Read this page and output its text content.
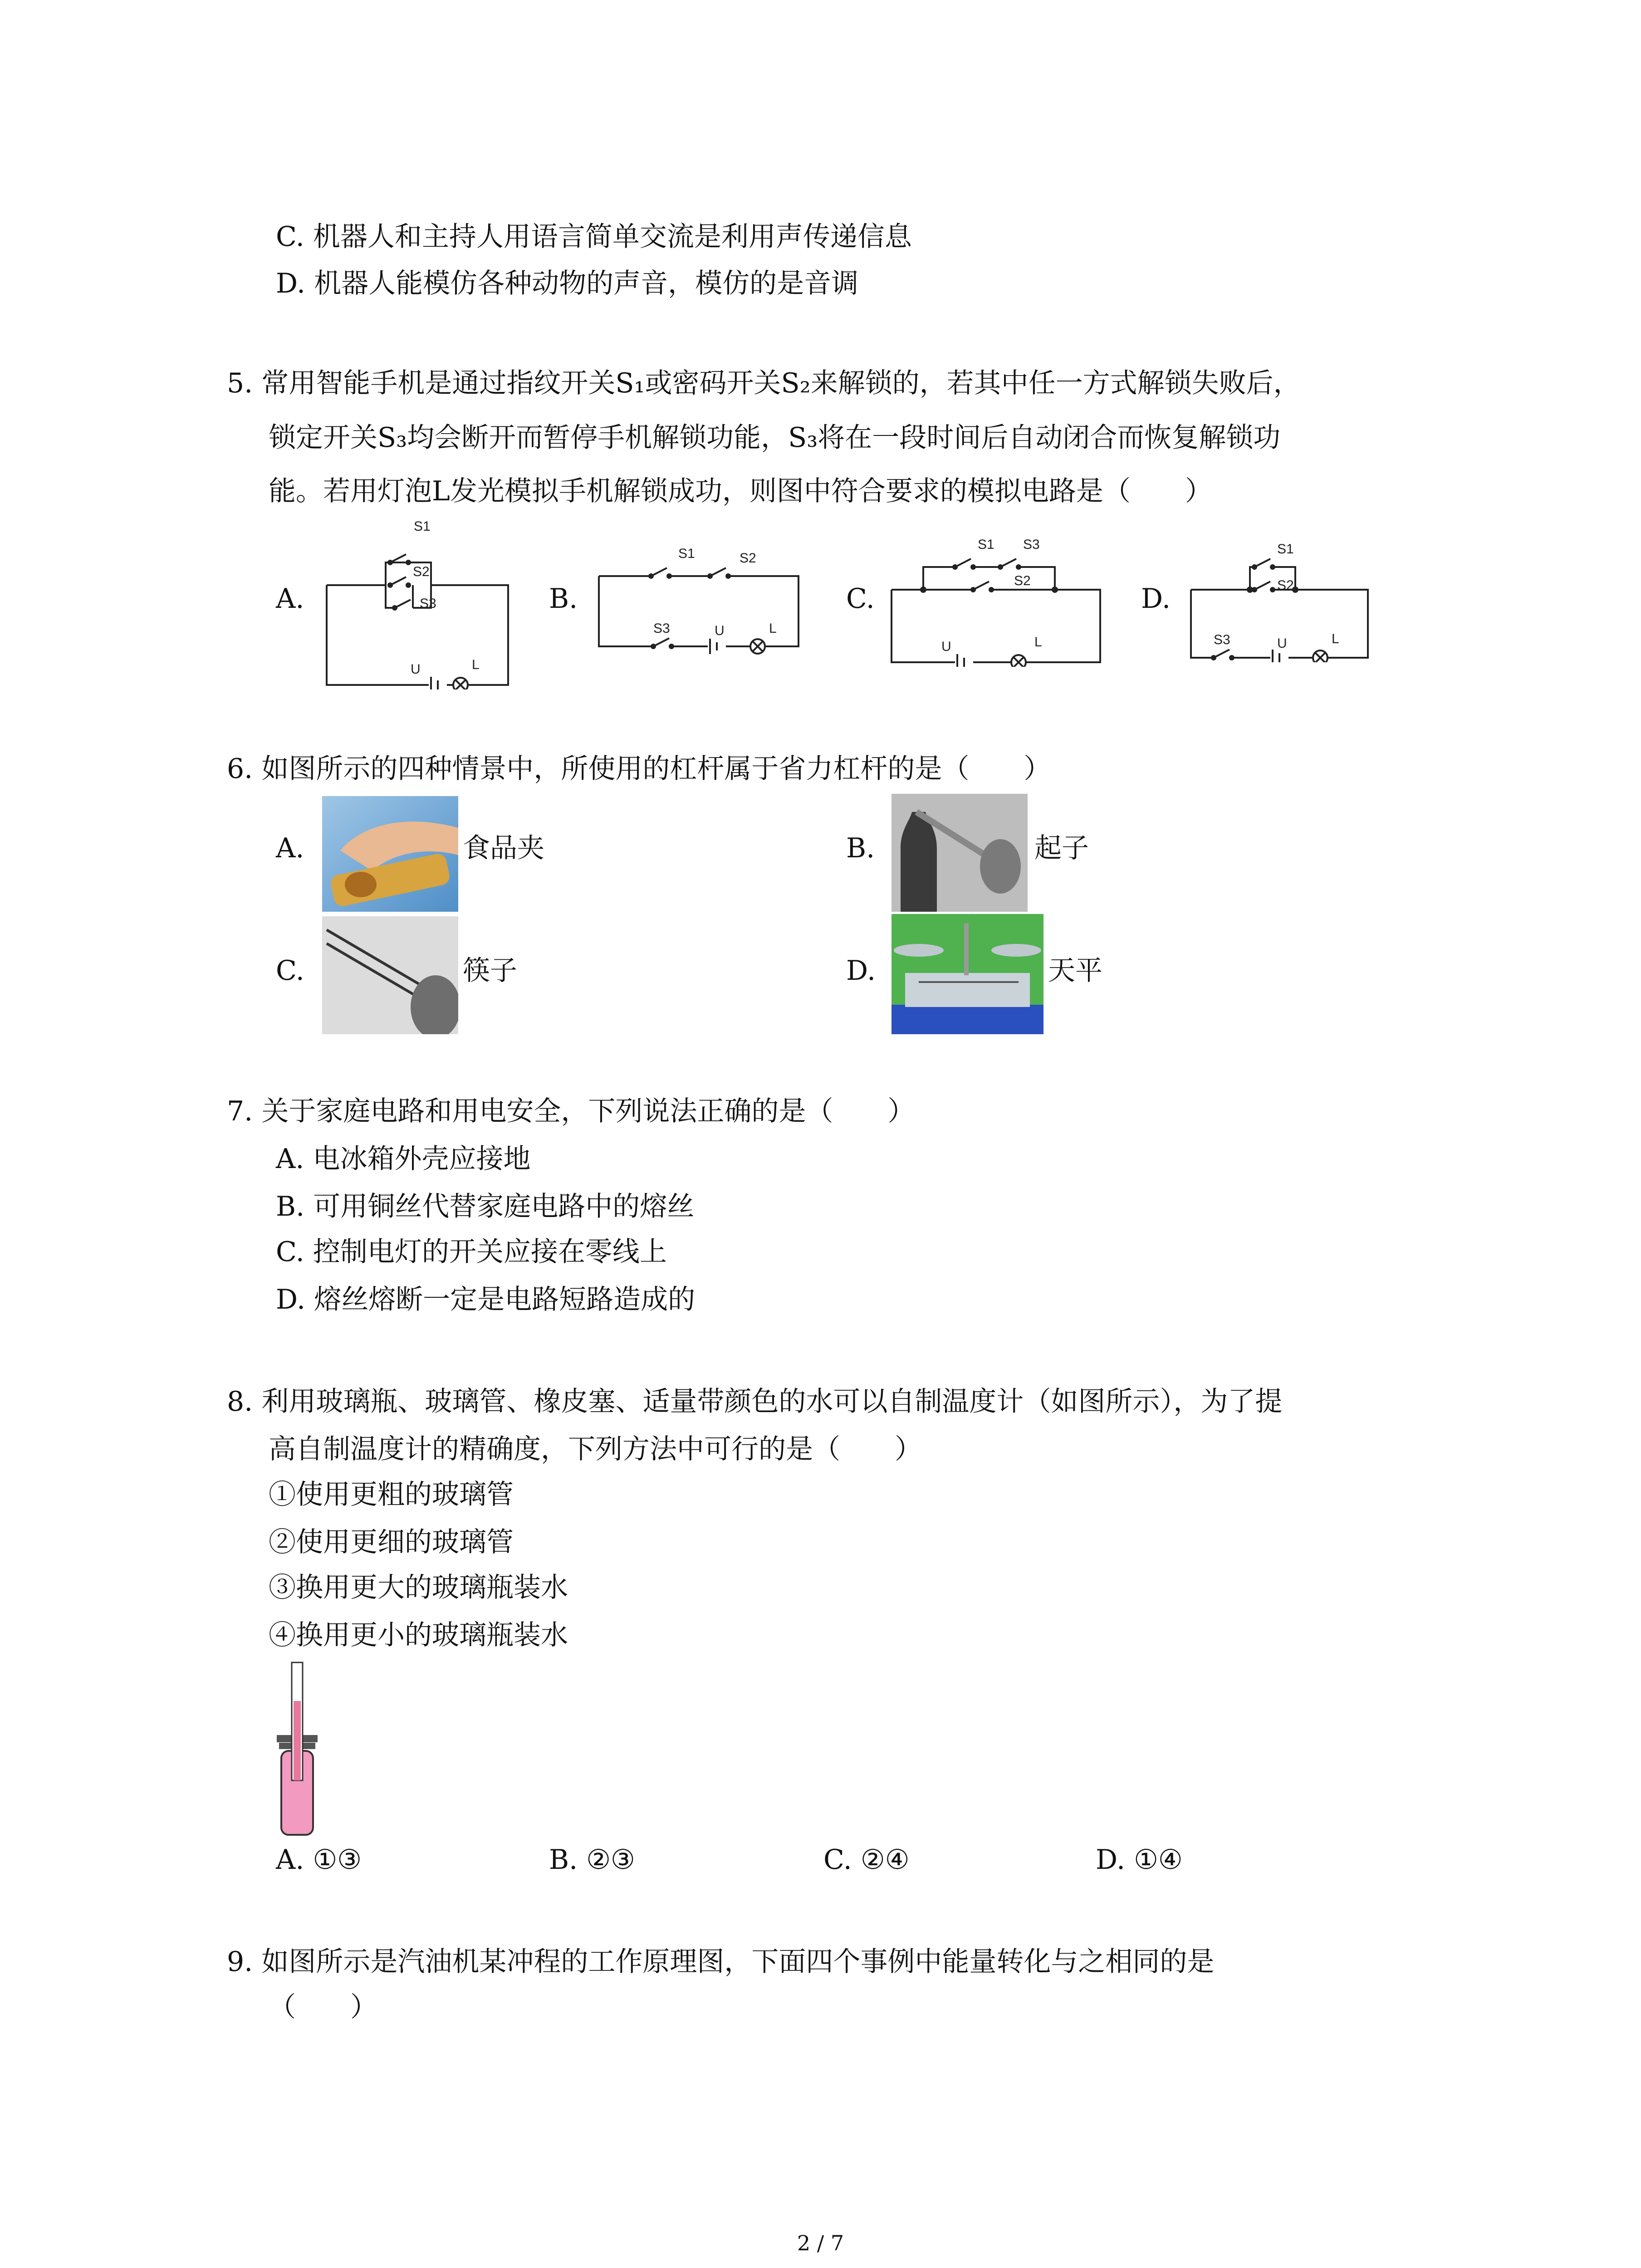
C. 机器人和主持人用语言简单交流是利用声传递信息
D. 机器人能模仿各种动物的声音，模仿的是音调
5. 常用智能手机是通过指纹开关S₁或密码开关S₂来解锁的，若其中任一方式解锁失败后，
锁定开关S₃均会断开而暂停手机解锁功能，S₃将在一段时间后自动闭合而恢复解锁功
能。若用灯泡L发光模拟手机解锁成功，则图中符合要求的模拟电路是（　　）
A.	B.	C.	D.
S1
S2
S3
U	L
S1	S2
S3	U	L
S1 S3
S2
U	L
S1
S2
S3	U	L
6. 如图所示的四种情景中，所使用的杠杆属于省力杠杆的是（　　）
A.	食品夹	B.	起子
C.	筷子	D.	天平
7. 关于家庭电路和用电安全，下列说法正确的是（　　）
A. 电冰箱外壳应接地
B. 可用铜丝代替家庭电路中的熔丝
C. 控制电灯的开关应接在零线上
D. 熔丝熔断一定是电路短路造成的
8. 利用玻璃瓶、玻璃管、橡皮塞、适量带颜色的水可以自制温度计（如图所示），为了提
高自制温度计的精确度，下列方法中可行的是（　　）
①使用更粗的玻璃管
②使用更细的玻璃管
③换用更大的玻璃瓶装水
④换用更小的玻璃瓶装水
A. ①③	B. ②③	C. ②④	D. ①④
9. 如图所示是汽油机某冲程的工作原理图，下面四个事例中能量转化与之相同的是
（　　）
2 / 7
